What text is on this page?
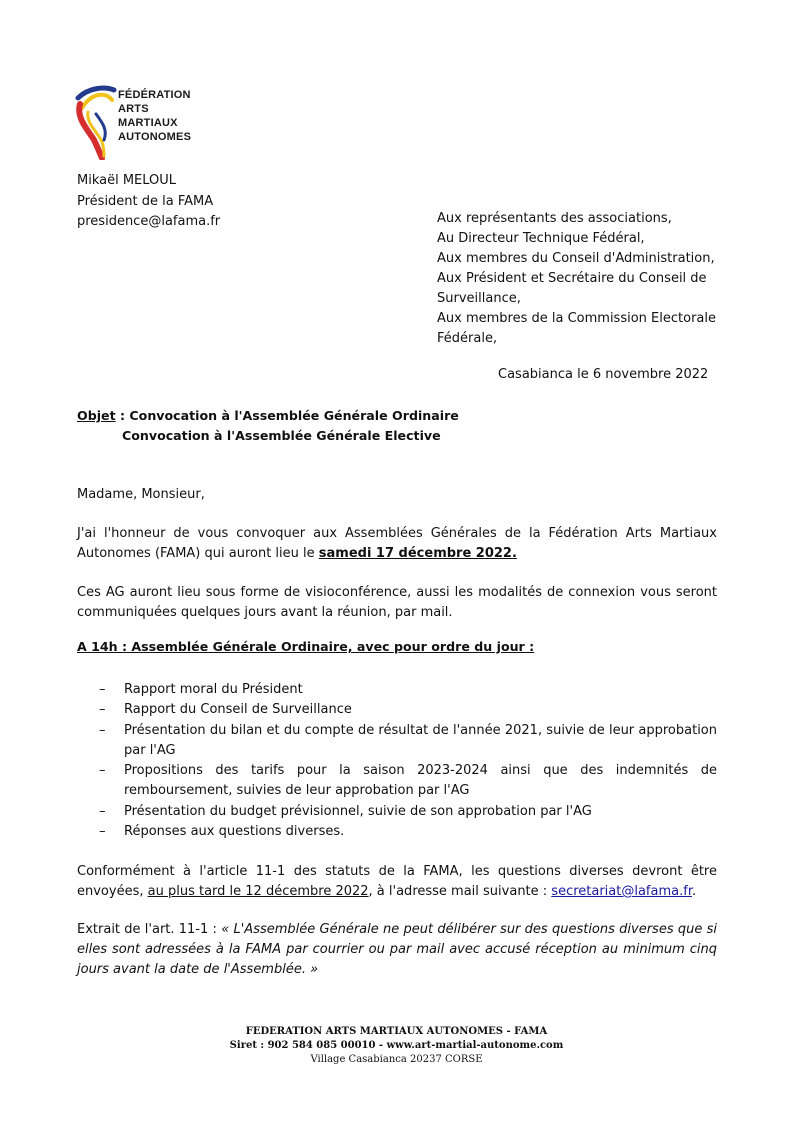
FÉDÉRATION
ARTS
MARTIAUX
AUTONOMES
Mikaël MELOUL
Président de la FAMA
presidence@lafama.fr	Aux représentants des associations,
Au Directeur Technique Fédéral,
Aux membres du Conseil d'Administration,
Aux Président et Secrétaire du Conseil de Surveillance,
Aux membres de la Commission Electorale Fédérale,
Casabianca le 6 novembre 2022
Objet : Convocation à l'Assemblée Générale Ordinaire
Convocation à l'Assemblée Générale Elective
Madame, Monsieur,
J'ai l'honneur de vous convoquer aux Assemblées Générales de la Fédération Arts Martiaux Autonomes (FAMA) qui auront lieu le samedi 17 décembre 2022.
Ces AG auront lieu sous forme de visioconférence, aussi les modalités de connexion vous seront communiquées quelques jours avant la réunion, par mail.
A 14h : Assemblée Générale Ordinaire, avec pour ordre du jour :
– Rapport moral du Président
– Rapport du Conseil de Surveillance
– Présentation du bilan et du compte de résultat de l'année 2021, suivie de leur approbation par l'AG
– Propositions des tarifs pour la saison 2023-2024 ainsi que des indemnités de remboursement, suivies de leur approbation par l'AG
– Présentation du budget prévisionnel, suivie de son approbation par l'AG
– Réponses aux questions diverses.
Conformément à l'article 11-1 des statuts de la FAMA, les questions diverses devront être envoyées, au plus tard le 12 décembre 2022, à l'adresse mail suivante : secretariat@lafama.fr.
Extrait de l'art. 11-1 : « L'Assemblée Générale ne peut délibérer sur des questions diverses que si elles sont adressées à la FAMA par courrier ou par mail avec accusé réception au minimum cinq jours avant la date de l'Assemblée. »
FEDERATION ARTS MARTIAUX AUTONOMES - FAMA
Siret : 902 584 085 00010 - www.art-martial-autonome.com
Village Casabianca 20237 CORSE
